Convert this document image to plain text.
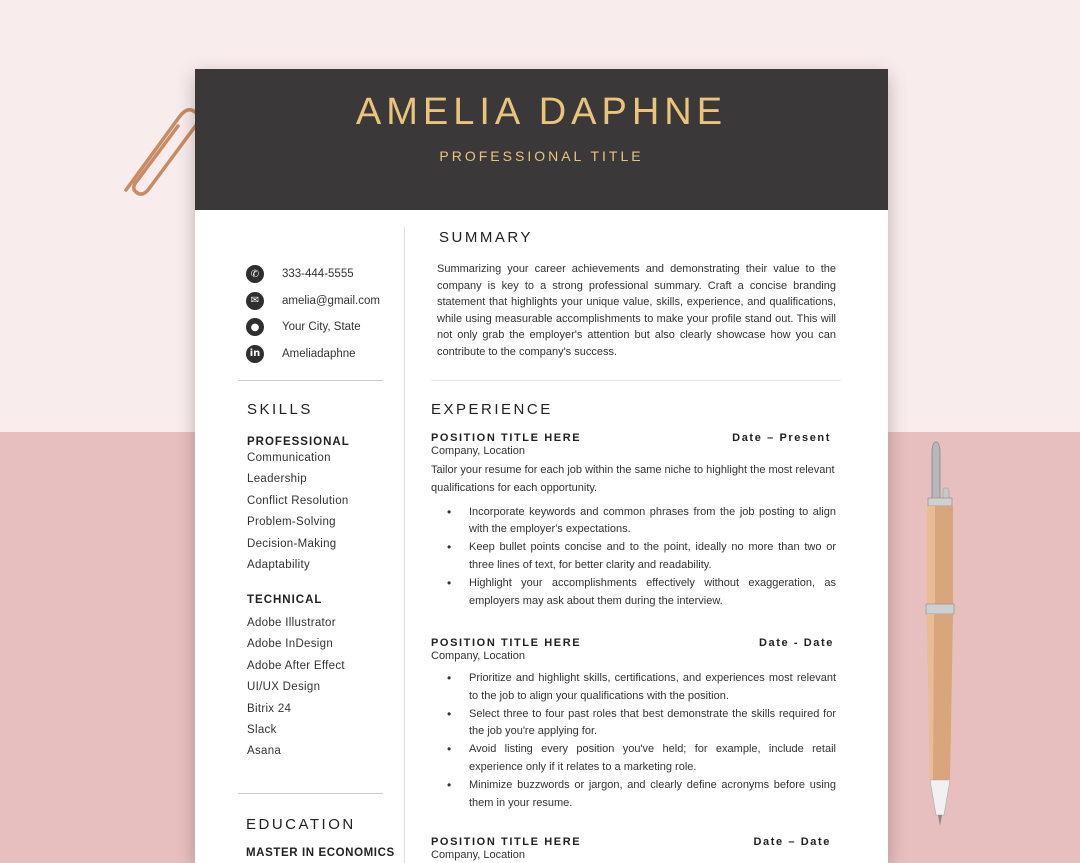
AMELIA DAPHNE
PROFESSIONAL TITLE
✆	333-444-5555
✉	amelia@gmail.com
●	Your City, State
in	Ameliadaphne
SKILLS
PROFESSIONAL
Communication
Leadership
Conflict Resolution
Problem-Solving
Decision-Making
Adaptability
TECHNICAL
Adobe Illustrator
Adobe InDesign
Adobe After Effect
UI/UX Design
Bitrix 24
Slack
Asana
EDUCATION
MASTER IN ECONOMICS
SUMMARY
Summarizing your career achievements and demonstrating their value to the company is key to a strong professional summary. Craft a concise branding statement that highlights your unique value, skills, experience, and qualifications, while using measurable accomplishments to make your profile stand out. This will not only grab the employer's attention but also clearly showcase how you can contribute to the company's success.
EXPERIENCE
POSITION TITLE HERE	Date – Present
Company, Location
Tailor your resume for each job within the same niche to highlight the most relevant qualifications for each opportunity.
• Incorporate keywords and common phrases from the job posting to align with the employer's expectations.
• Keep bullet points concise and to the point, ideally no more than two or three lines of text, for better clarity and readability.
• Highlight your accomplishments effectively without exaggeration, as employers may ask about them during the interview.
POSITION TITLE HERE	Date - Date
Company, Location
• Prioritize and highlight skills, certifications, and experiences most relevant to the job to align your qualifications with the position.
• Select three to four past roles that best demonstrate the skills required for the job you're applying for.
• Avoid listing every position you've held; for example, include retail experience only if it relates to a marketing role.
• Minimize buzzwords or jargon, and clearly define acronyms before using them in your resume.
POSITION TITLE HERE	Date – Date
Company, Location
